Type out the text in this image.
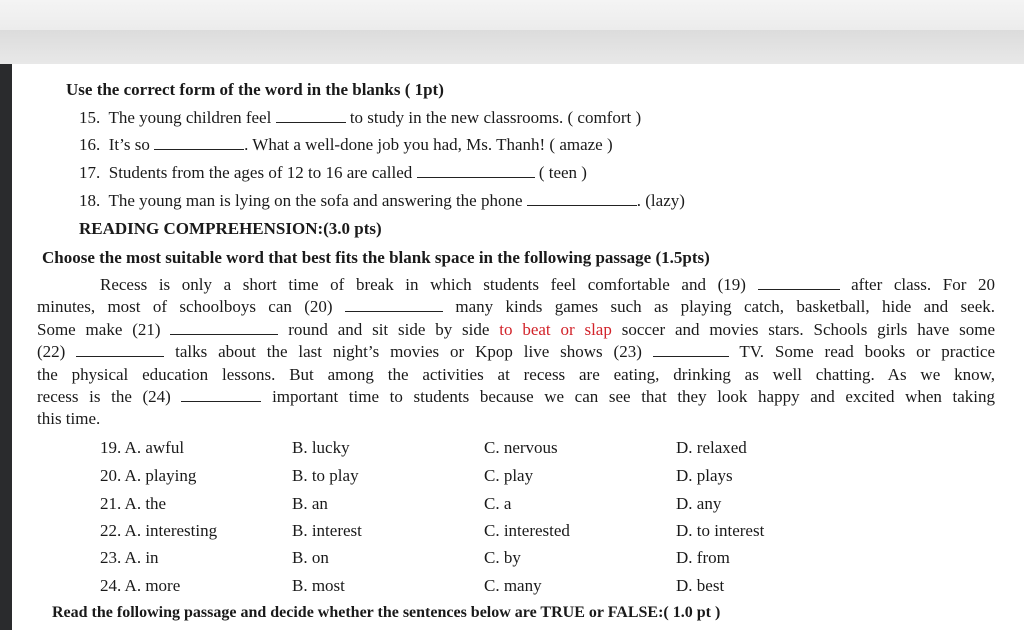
Use the correct form of the word in the blanks ( 1pt)
15. The young children feel	to study in the new classrooms. ( comfort )
16. It’s so	. What a well-done job you had, Ms. Thanh! ( amaze )
17. Students from the ages of 12 to 16 are called	( teen )
18. The young man is lying on the sofa and answering the phone	. (lazy)
READING COMPREHENSION:(3.0 pts)
Choose the most suitable word that best fits the blank space in the following passage (1.5pts)
Recess is only a short time of break in which students feel comfortable and (19)	after class. For 20
minutes, most of schoolboys can (20)	many kinds games such as playing catch, basketball, hide and seek.
Some make (21)	round and sit side by side to beat or slap soccer and movies stars. Schools girls have some
(22)	talks about the last night’s movies or Kpop live shows (23)	TV. Some read books or practice
the physical education lessons. But among the activities at recess are eating, drinking as well chatting. As we know,
recess is the (24)	important time to students because we can see that they look happy and excited when taking
this time.
19. A. awful	B. lucky	C. nervous	D. relaxed
20. A. playing	B. to play	C. play	D. plays
21. A. the	B. an	C. a	D. any
22. A. interesting	B. interest	C. interested	D. to interest
23. A. in	B. on	C. by	D. from
24. A. more	B. most	C. many	D. best
Read the following passage and decide whether the sentences below are TRUE or FALSE:( 1.0 pt )
